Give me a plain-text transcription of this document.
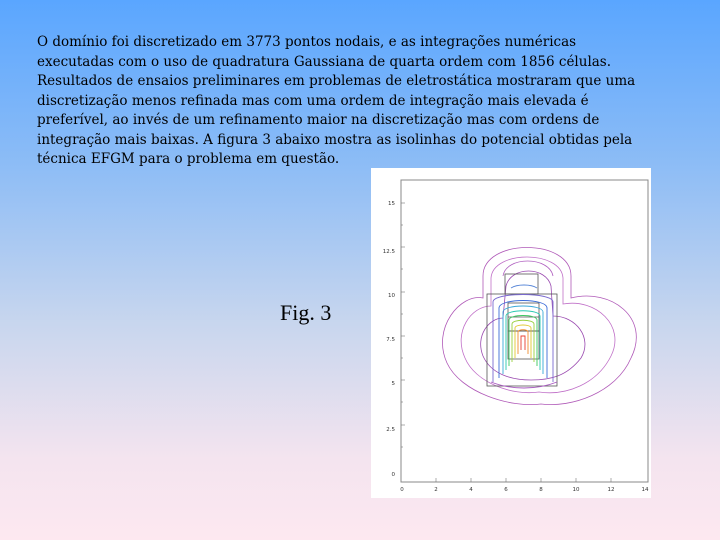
O domínio foi discretizado em 3773 pontos nodais, e as integrações numéricas

executadas com o uso de quadratura Gaussiana de quarta ordem com 1856 células.

Resultados de ensaios preliminares em problemas de eletrostática mostraram que uma

discretização menos refinada mas com uma ordem de integração mais elevada é

preferível, ao invés de um refinamento maior na discretização mas com ordens de

integração mais baixas. A figura 3 abaixo mostra as isolinhas do potencial obtidas pela

técnica EFGM para o problema em questão.

Fig. 3
15
12.5
10
7.5
5
2.5
0
0	2	4	6	8	10	12	14
